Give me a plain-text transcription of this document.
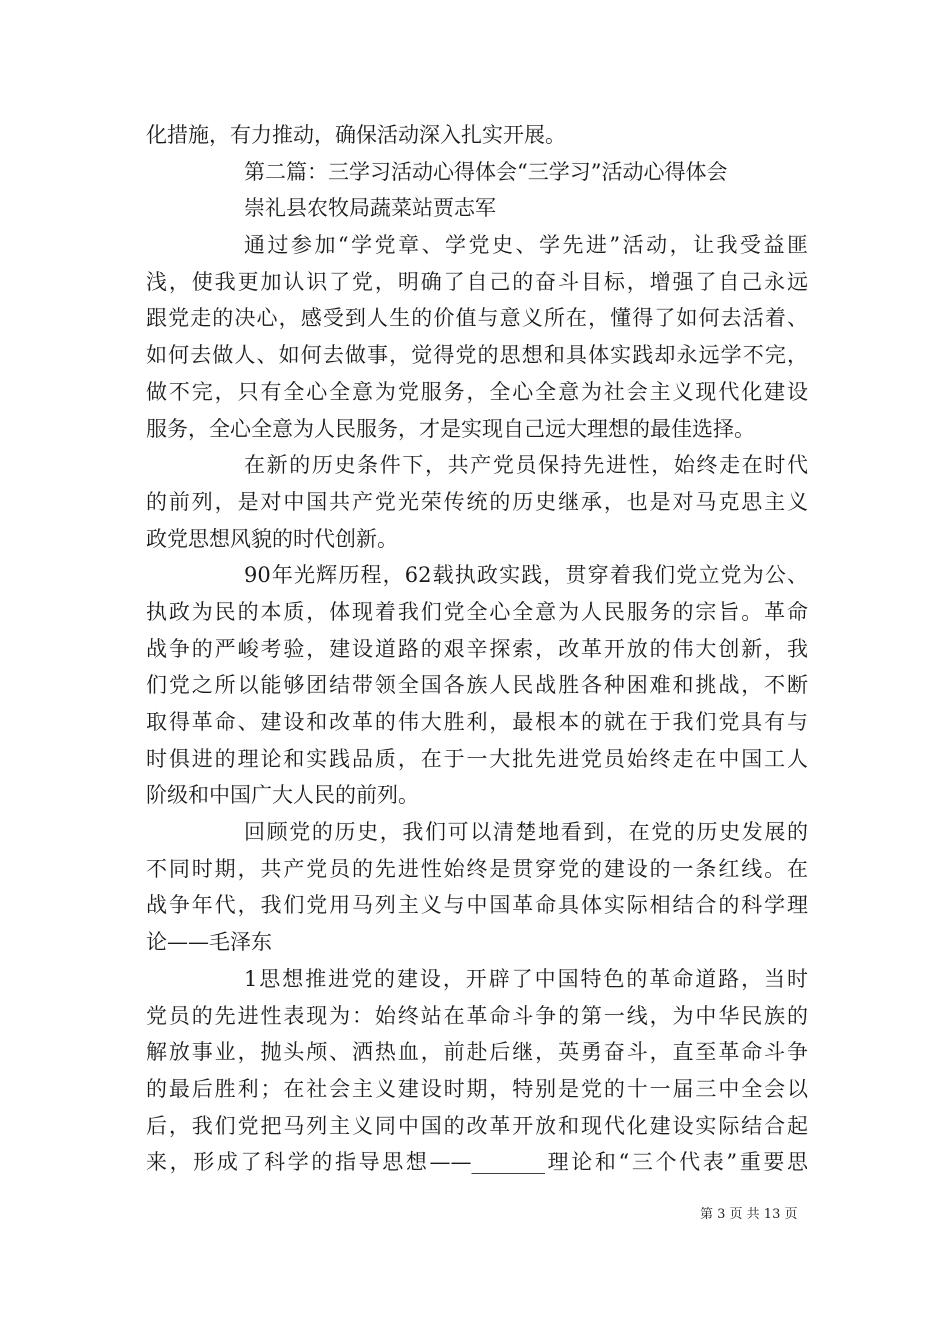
化措施，有力推动，确保活动深入扎实开展。
第二篇：三学习活动心得体会“三学习”活动心得体会
崇礼县农牧局蔬菜站贾志军
通过参加“学党章、学党史、学先进”活动，让我受益匪
浅，使我更加认识了党，明确了自己的奋斗目标，增强了自己永远
跟党走的决心，感受到人生的价值与意义所在，懂得了如何去活着、
如何去做人、如何去做事，觉得党的思想和具体实践却永远学不完，
做不完，只有全心全意为党服务，全心全意为社会主义现代化建设
服务，全心全意为人民服务，才是实现自己远大理想的最佳选择。
在新的历史条件下，共产党员保持先进性，始终走在时代
的前列，是对中国共产党光荣传统的历史继承，也是对马克思主义
政党思想风貌的时代创新。
90年光辉历程，62载执政实践，贯穿着我们党立党为公、
执政为民的本质，体现着我们党全心全意为人民服务的宗旨。革命
战争的严峻考验，建设道路的艰辛探索，改革开放的伟大创新，我
们党之所以能够团结带领全国各族人民战胜各种困难和挑战，不断
取得革命、建设和改革的伟大胜利，最根本的就在于我们党具有与
时俱进的理论和实践品质，在于一大批先进党员始终走在中国工人
阶级和中国广大人民的前列。
回顾党的历史，我们可以清楚地看到，在党的历史发展的
不同时期，共产党员的先进性始终是贯穿党的建设的一条红线。在
战争年代，我们党用马列主义与中国革命具体实际相结合的科学理
论——毛泽东
1思想推进党的建设，开辟了中国特色的革命道路，当时
党员的先进性表现为：始终站在革命斗争的第一线，为中华民族的
解放事业，抛头颅、洒热血，前赴后继，英勇奋斗，直至革命斗争
的最后胜利；在社会主义建设时期，特别是党的十一届三中全会以
后，我们党把马列主义同中国的改革开放和现代化建设实际结合起
来，形成了科学的指导思想——_______理论和“三个代表”重要思
第 3 页 共 13 页
